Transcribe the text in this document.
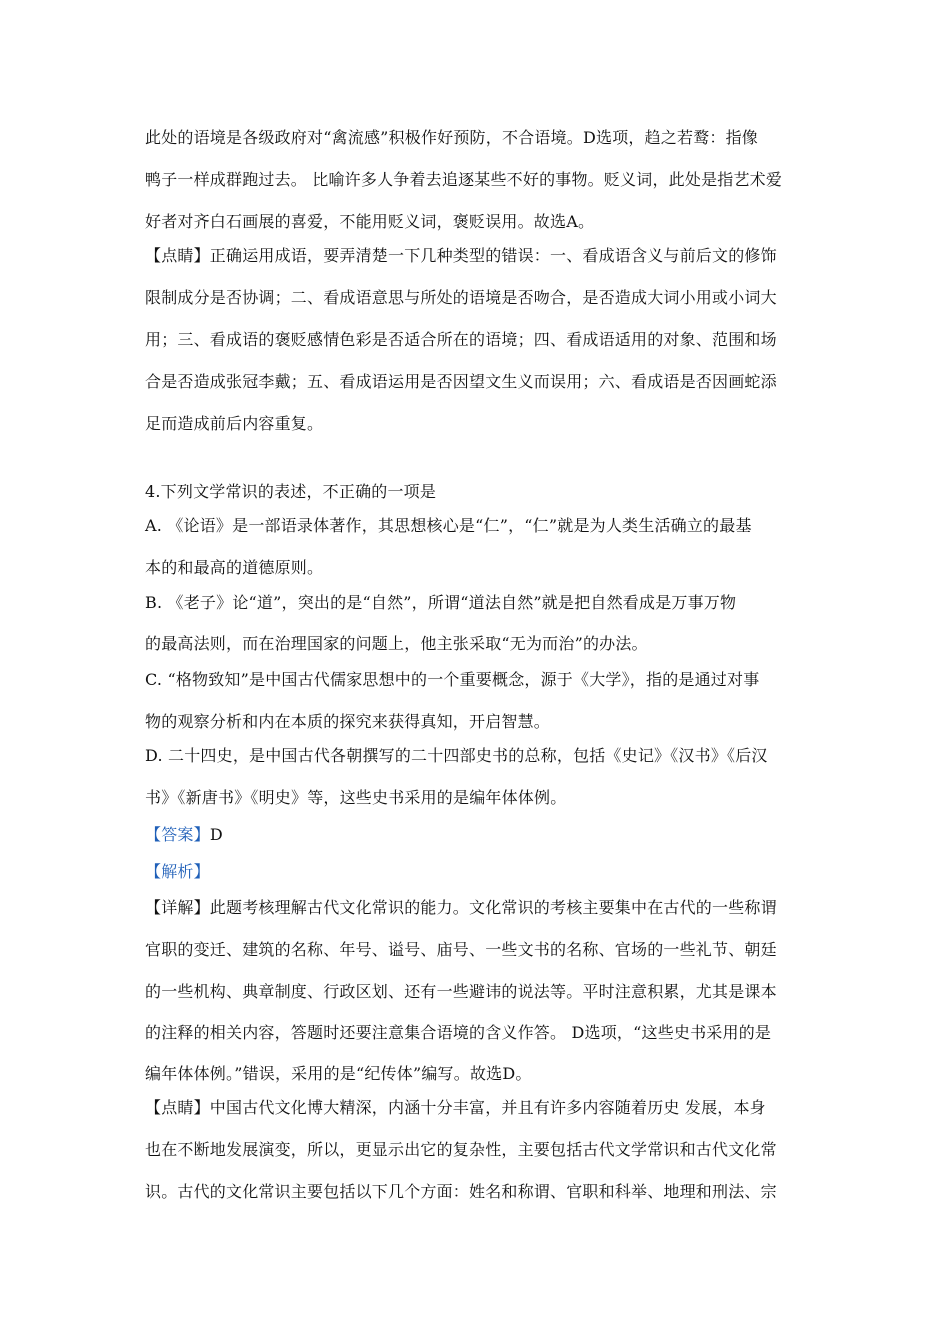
此处的语境是各级政府对“禽流感”积极作好预防，不合语境。D选项，趋之若鹜：指像
鸭子一样成群跑过去。 比喻许多人争着去追逐某些不好的事物。贬义词，此处是指艺术爱
好者对齐白石画展的喜爱，不能用贬义词，褒贬误用。故选A。
【点睛】正确运用成语，要弄清楚一下几种类型的错误：一、看成语含义与前后文的修饰
限制成分是否协调；二、看成语意思与所处的语境是否吻合，是否造成大词小用或小词大
用；三、看成语的褒贬感情色彩是否适合所在的语境；四、看成语适用的对象、范围和场
合是否造成张冠李戴；五、看成语运用是否因望文生义而误用；六、看成语是否因画蛇添
足而造成前后内容重复。
4.下列文学常识的表述，不正确的一项是
A. 《论语》是一部语录体著作，其思想核心是“仁”，“仁”就是为人类生活确立的最基
本的和最高的道德原则。
B. 《老子》论“道”，突出的是“自然”，所谓“道法自然”就是把自然看成是万事万物
的最高法则，而在治理国家的问题上，他主张采取“无为而治”的办法。
C. “格物致知”是中国古代儒家思想中的一个重要概念，源于《大学》，指的是通过对事
物的观察分析和内在本质的探究来获得真知，开启智慧。
D. 二十四史，是中国古代各朝撰写的二十四部史书的总称，包括《史记》《汉书》《后汉
书》《新唐书》《明史》等，这些史书采用的是编年体体例。
【答案】D
【解析】
【详解】此题考核理解古代文化常识的能力。文化常识的考核主要集中在古代的一些称谓
官职的变迁、建筑的名称、年号、谥号、庙号、一些文书的名称、官场的一些礼节、朝廷
的一些机构、典章制度、行政区划、还有一些避讳的说法等。平时注意积累，尤其是课本
的注释的相关内容，答题时还要注意集合语境的含义作答。 D选项，“这些史书采用的是
编年体体例。”错误，采用的是“纪传体”编写。故选D。
【点睛】中国古代文化博大精深，内涵十分丰富，并且有许多内容随着历史 发展，本身
也在不断地发展演变，所以，更显示出它的复杂性，主要包括古代文学常识和古代文化常
识。古代的文化常识主要包括以下几个方面：姓名和称谓、官职和科举、地理和刑法、宗
